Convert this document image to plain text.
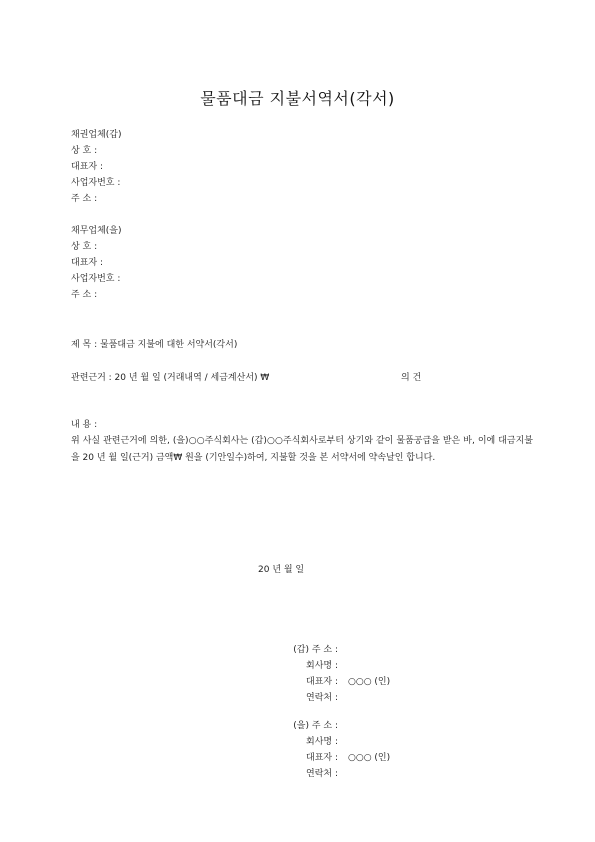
물품대금 지불서역서(각서)
채권업체(갑)
상 호 :
대표자 :
사업자번호 :
주 소 :
채무업체(을)
상 호 :
대표자 :
사업자번호 :
주 소 :
제 목 : 물품대금 지불에 대한 서약서(각서)
관련근거 : 20 년 월 일 (거래내역 / 세금계산서) ₩	의 건
내 용 :
위 사실 관련근거에 의한, (을)○○주식회사는 (갑)○○주식회사로부터 상기와 같이 물품공급을 받은 바, 이에 대금지불을 20 년 월 일(근거) 금액₩ 원을 (기안일수)하여, 지불할 것을 본 서약서에 약속날인 합니다.
20 년 월 일
(갑) 주 소 :
회사명 :
대표자 : ○○○ (인)
연락처 :
(을) 주 소 :
회사명 :
대표자 : ○○○ (인)
연락처 :
